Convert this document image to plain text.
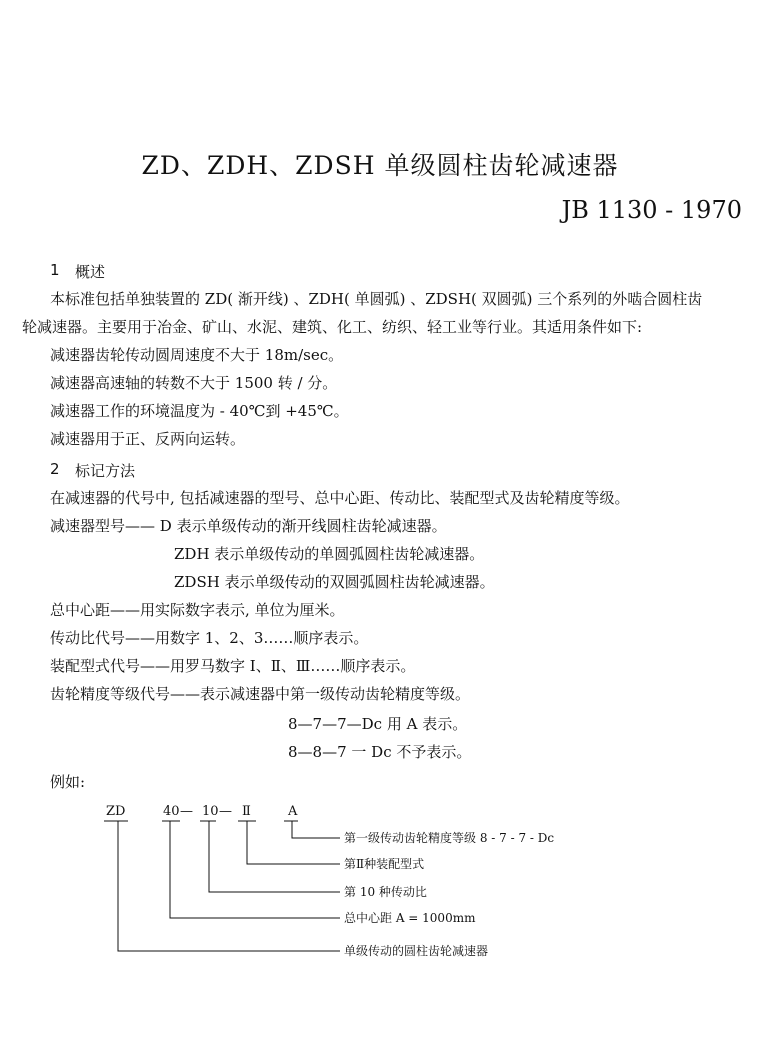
ZD、ZDH、ZDSH 单级圆柱齿轮减速器
JB 1130 - 1970
1 概述
本标准包括单独装置的 ZD( 渐开线) 、ZDH( 单圆弧) 、ZDSH( 双圆弧) 三个系列的外啮合圆柱齿
轮减速器。主要用于冶金、矿山、水泥、建筑、化工、纺织、轻工业等行业。其适用条件如下:
减速器齿轮传动圆周速度不大于 18m/sec。
减速器高速轴的转数不大于 1500 转 / 分。
减速器工作的环境温度为 - 40℃到 +45℃。
减速器用于正、反两向运转。
2 标记方法
在减速器的代号中, 包括减速器的型号、总中心距、传动比、装配型式及齿轮精度等级。
减速器型号—— D 表示单级传动的渐开线圆柱齿轮减速器。
ZDH 表示单级传动的单圆弧圆柱齿轮减速器。
ZDSH 表示单级传动的双圆弧圆柱齿轮减速器。
总中心距——用实际数字表示, 单位为厘米。
传动比代号——用数字 1、2、3……顺序表示。
装配型式代号——用罗马数字 Ⅰ、Ⅱ、Ⅲ……顺序表示。
齿轮精度等级代号——表示减速器中第一级传动齿轮精度等级。
8—7—7—Dc 用 A 表示。
8—8—7 一 Dc 不予表示。
例如:
ZD	40 — 10 — Ⅱ	A
第一级传动齿轮精度等级 8 - 7 - 7 - Dc
第Ⅱ种装配型式
第 10 种传动比
总中心距 A = 1000mm
单级传动的圆柱齿轮减速器
